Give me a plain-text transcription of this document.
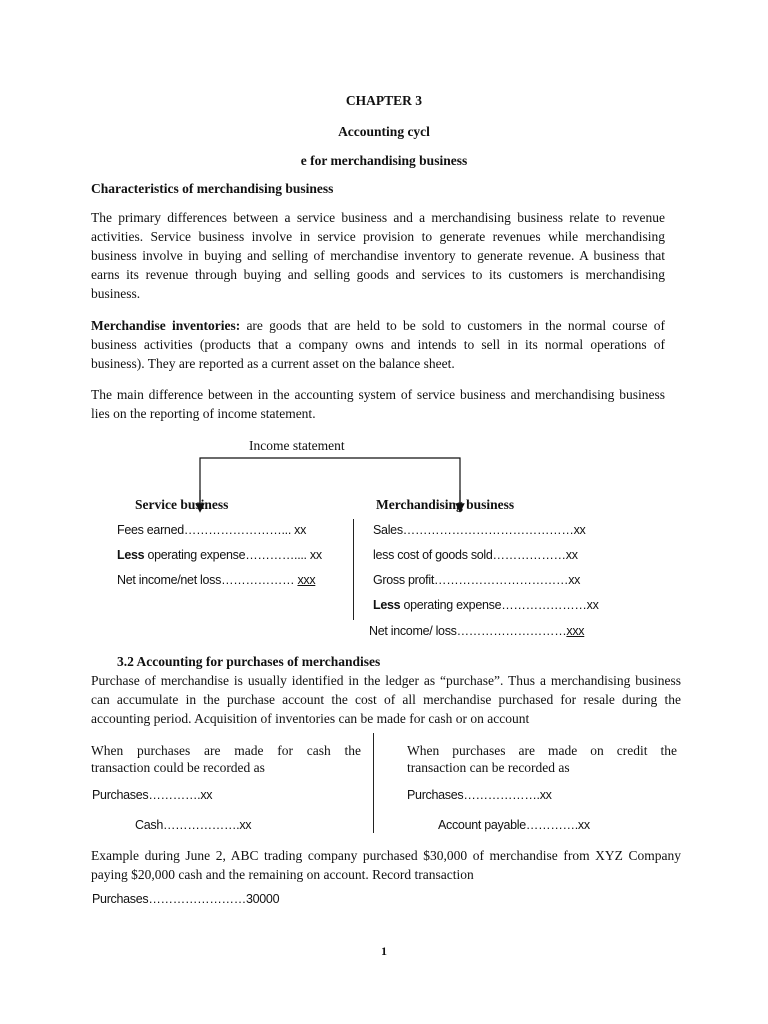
CHAPTER 3
Accounting cycl
e for merchandising business
Characteristics of merchandising business

The primary differences between a service business and a merchandising business relate to revenue activities. Service business involve in service provision to generate revenues while merchandising business involve in buying and selling of merchandise inventory to generate revenue. A business that earns its revenue through buying and selling goods and services to its customers is merchandising business.

Merchandise inventories: are goods that are held to be sold to customers in the normal course of business activities (products that a company owns and intends to sell in its normal operations of business). They are reported as a current asset on the balance sheet.

The main difference between in the accounting system of service business and merchandising business lies on the reporting of income statement.

Income statement
Service business	Merchandising business
Fees earned……………………... xx
Less operating expense………….... xx
Net income/net loss……………… xxx
Sales……………………………………xx
less cost of goods sold………………xx
Gross profit……………………………xx
Less operating expense…………………xx
Net income/ loss………………………xxx
3.2 Accounting for purchases of merchandises

Purchase of merchandise is usually identified in the ledger as “purchase”. Thus a merchandising business can accumulate in the purchase account the cost of all merchandise purchased for resale during the accounting period. Acquisition of inventories can be made for cash or on account

When purchases are made for cash the transaction could be recorded as

When purchases are made on credit the transaction can be recorded as

Purchases………….xx
Cash……………….xx
Purchases……………….xx
Account payable………….xx

Example during June 2, ABC trading company purchased $30,000 of merchandise from XYZ Company paying $20,000 cash and the remaining on account. Record transaction

Purchases……………………30000
1
